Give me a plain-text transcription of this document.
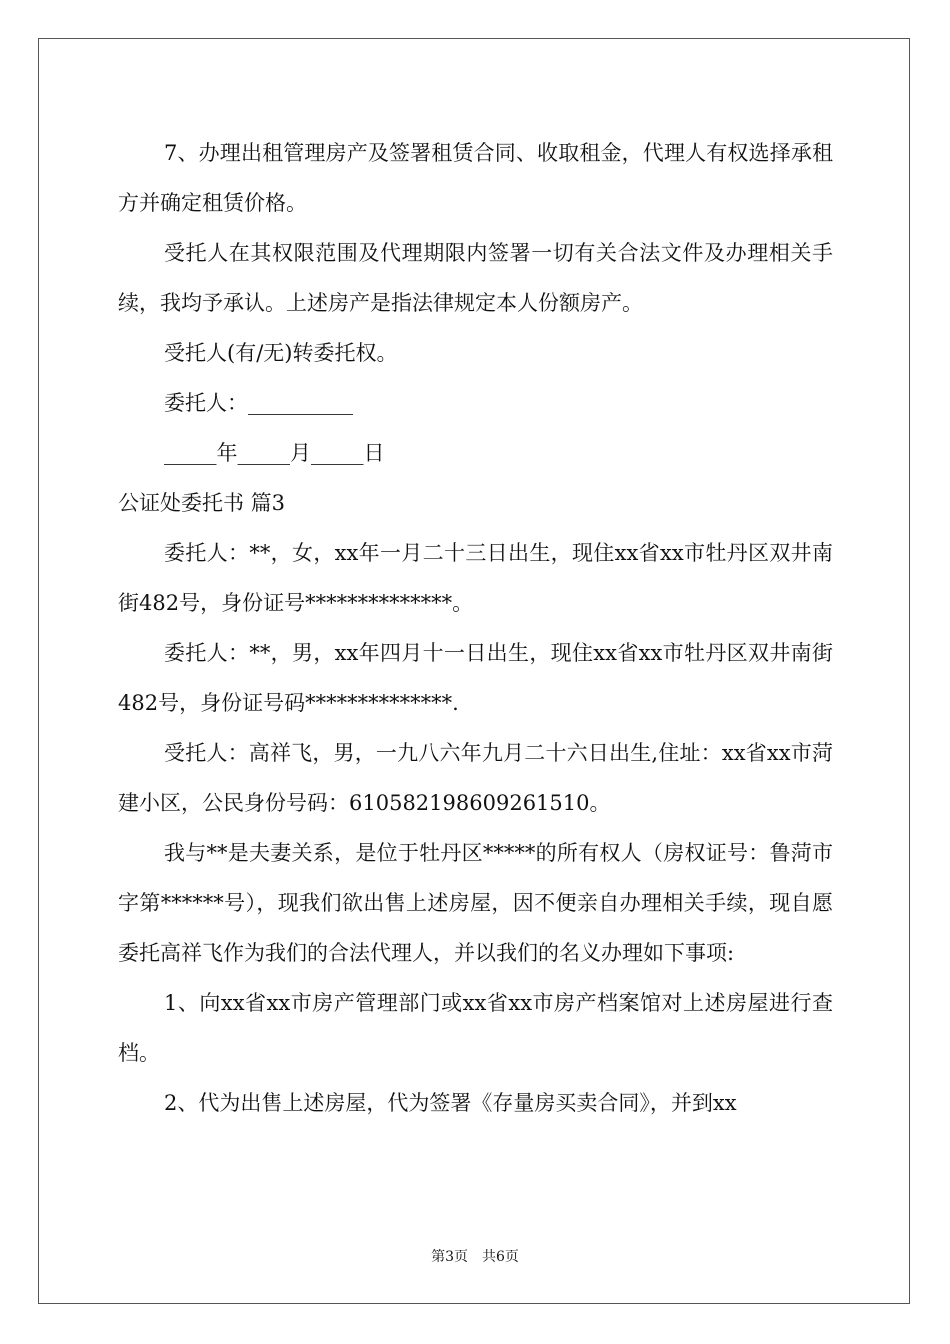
7、办理出租管理房产及签署租赁合同、收取租金，代理人有权选择承租方并确定租赁价格。

受托人在其权限范围及代理期限内签署一切有关合法文件及办理相关手续，我均予承认。上述房产是指法律规定本人份额房产。

受托人(有/无)转委托权。

委托人：__________

_____年_____月_____日

公证处委托书 篇3

委托人：**，女，xx年一月二十三日出生，现住xx省xx市牡丹区双井南街482号，身份证号**************。

委托人：**，男，xx年四月十一日出生，现住xx省xx市牡丹区双井南街482号，身份证号码**************.

受托人：高祥飞，男，一九八六年九月二十六日出生,住址：xx省xx市菏建小区，公民身份号码：610582198609261510。

我与**是夫妻关系，是位于牡丹区*****的所有权人（房权证号：鲁菏市字第******号），现我们欲出售上述房屋，因不便亲自办理相关手续，现自愿委托高祥飞作为我们的合法代理人，并以我们的名义办理如下事项:

1、向xx省xx市房产管理部门或xx省xx市房产档案馆对上述房屋进行查档。

2、代为出售上述房屋，代为签署《存量房买卖合同》，并到xx

第3页　共6页
